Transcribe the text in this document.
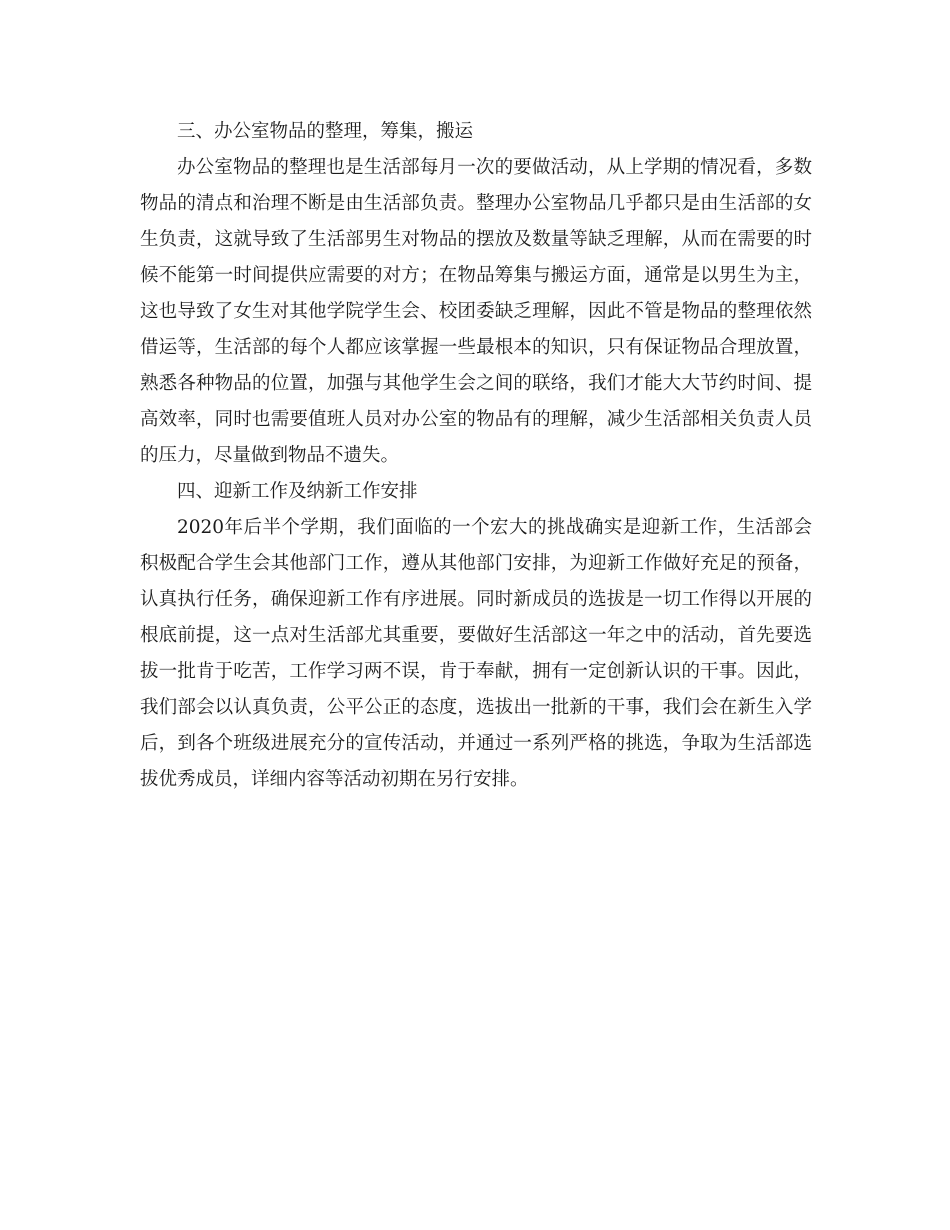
三、办公室物品的整理，筹集，搬运

办公室物品的整理也是生活部每月一次的要做活动，从上学期的情况看，多数物品的清点和治理不断是由生活部负责。整理办公室物品几乎都只是由生活部的女生负责，这就导致了生活部男生对物品的摆放及数量等缺乏理解，从而在需要的时候不能第一时间提供应需要的对方；在物品筹集与搬运方面，通常是以男生为主，这也导致了女生对其他学院学生会、校团委缺乏理解，因此不管是物品的整理依然借运等，生活部的每个人都应该掌握一些最根本的知识，只有保证物品合理放置，熟悉各种物品的位置，加强与其他学生会之间的联络，我们才能大大节约时间、提高效率，同时也需要值班人员对办公室的物品有的理解，减少生活部相关负责人员的压力，尽量做到物品不遗失。

四、迎新工作及纳新工作安排

2020年后半个学期，我们面临的一个宏大的挑战确实是迎新工作，生活部会积极配合学生会其他部门工作，遵从其他部门安排，为迎新工作做好充足的预备，认真执行任务，确保迎新工作有序进展。同时新成员的选拔是一切工作得以开展的根底前提，这一点对生活部尤其重要，要做好生活部这一年之中的活动，首先要选拔一批肯于吃苦，工作学习两不误，肯于奉献，拥有一定创新认识的干事。因此，我们部会以认真负责，公平公正的态度，选拔出一批新的干事，我们会在新生入学后，到各个班级进展充分的宣传活动，并通过一系列严格的挑选，争取为生活部选拔优秀成员，详细内容等活动初期在另行安排。
